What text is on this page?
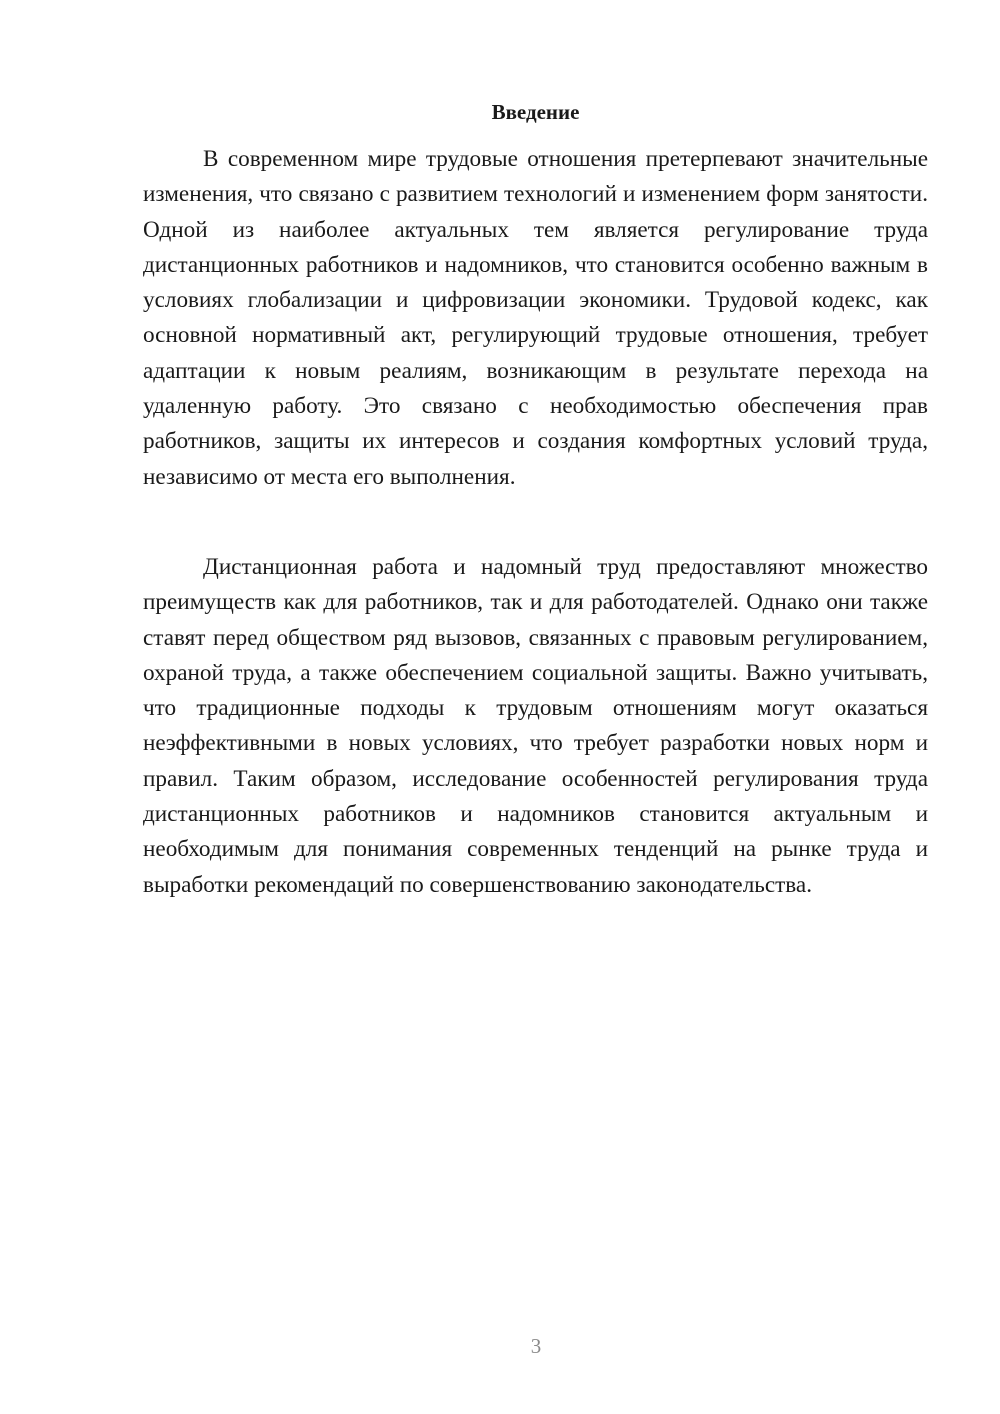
Введение

В современном мире трудовые отношения претерпевают значительные изменения, что связано с развитием технологий и изменением форм занятости. Одной из наиболее актуальных тем является регулирование труда дистанционных работников и надомников, что становится особенно важным в условиях глобализации и цифровизации экономики. Трудовой кодекс, как основной нормативный акт, регулирующий трудовые отношения, требует адаптации к новым реалиям, возникающим в результате перехода на удаленную работу. Это связано с необходимостью обеспечения прав работников, защиты их интересов и создания комфортных условий труда, независимо от места его выполнения.

Дистанционная работа и надомный труд предоставляют множество преимуществ как для работников, так и для работодателей. Однако они также ставят перед обществом ряд вызовов, связанных с правовым регулированием, охраной труда, а также обеспечением социальной защиты. Важно учитывать, что традиционные подходы к трудовым отношениям могут оказаться неэффективными в новых условиях, что требует разработки новых норм и правил. Таким образом, исследование особенностей регулирования труда дистанционных работников и надомников становится актуальным и необходимым для понимания современных тенденций на рынке труда и выработки рекомендаций по совершенствованию законодательства.

3
